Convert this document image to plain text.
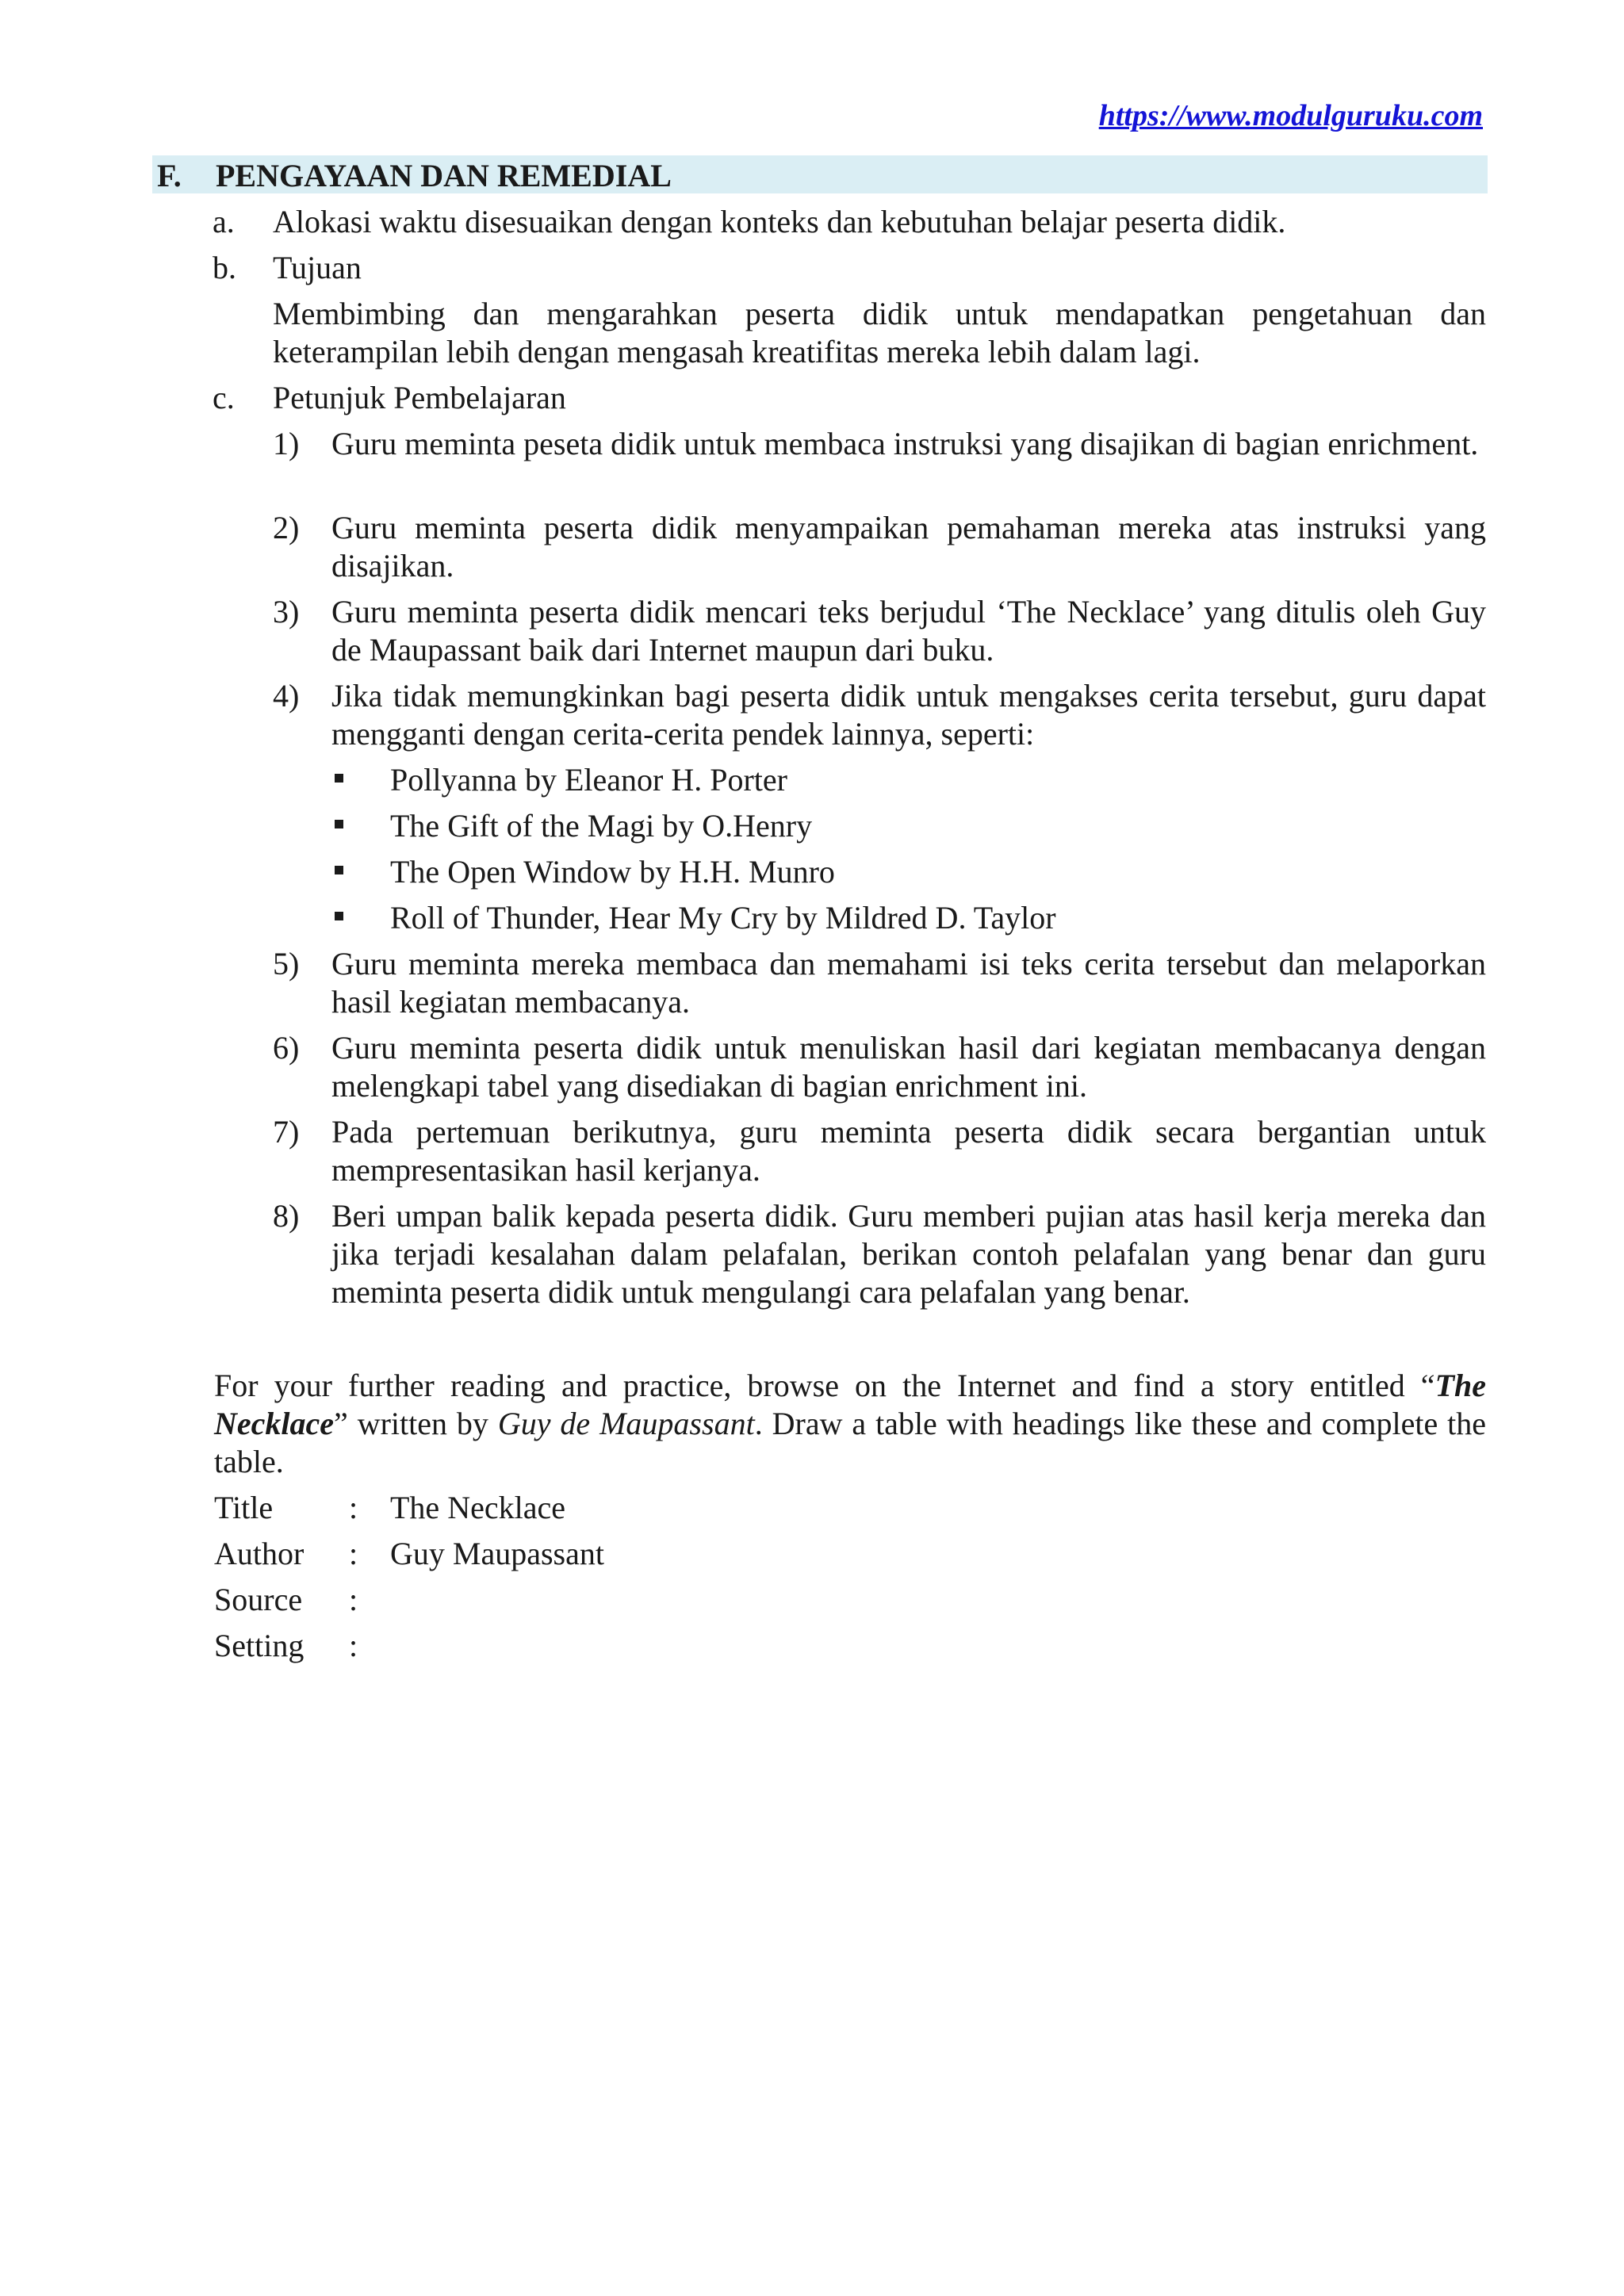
https://www.modulguruku.com
F. PENGAYAAN DAN REMEDIAL
a. Alokasi waktu disesuaikan dengan konteks dan kebutuhan belajar peserta didik.
b. Tujuan
Membimbing dan mengarahkan peserta didik untuk mendapatkan pengetahuan dan keterampilan lebih dengan mengasah kreatifitas mereka lebih dalam lagi.
c. Petunjuk Pembelajaran
1) Guru meminta peseta didik untuk membaca instruksi yang disajikan di bagian enrichment.
2) Guru meminta peserta didik menyampaikan pemahaman mereka atas instruksi yang disajikan.
3) Guru meminta peserta didik mencari teks berjudul ‘The Necklace’ yang ditulis oleh Guy de Maupassant baik dari Internet maupun dari buku.
4) Jika tidak memungkinkan bagi peserta didik untuk mengakses cerita tersebut, guru dapat mengganti dengan cerita-cerita pendek lainnya, seperti:
Pollyanna by Eleanor H. Porter
The Gift of the Magi by O.Henry
The Open Window by H.H. Munro
Roll of Thunder, Hear My Cry by Mildred D. Taylor
5) Guru meminta mereka membaca dan memahami isi teks cerita tersebut dan melaporkan hasil kegiatan membacanya.
6) Guru meminta peserta didik untuk menuliskan hasil dari kegiatan membacanya dengan melengkapi tabel yang disediakan di bagian enrichment ini.
7) Pada pertemuan berikutnya, guru meminta peserta didik secara bergantian untuk mempresentasikan hasil kerjanya.
8) Beri umpan balik kepada peserta didik. Guru memberi pujian atas hasil kerja mereka dan jika terjadi kesalahan dalam pelafalan, berikan contoh pelafalan yang benar dan guru meminta peserta didik untuk mengulangi cara pelafalan yang benar.
For your further reading and practice, browse on the Internet and find a story entitled “The Necklace” written by Guy de Maupassant. Draw a table with headings like these and complete the table.
Title : The Necklace
Author : Guy Maupassant
Source :
Setting :
